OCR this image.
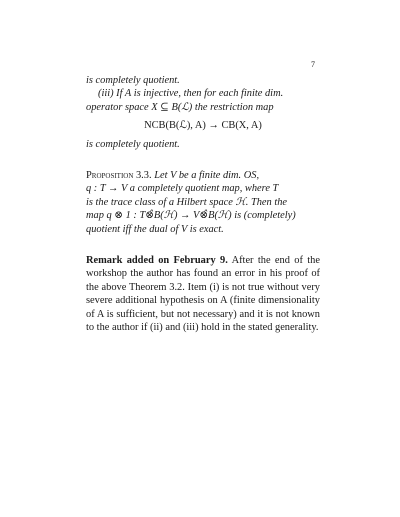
7

is completely quotient.

(iii) If A is injective, then for each finite dim.

operator space X ⊆ B(ℒ) the restriction map

NCB(B(ℒ), A) → CB(X, A)

is completely quotient.

Proposition 3.3. Let V be a finite dim. OS,

q : T → V a completely quotient map, where T

is the trace class of a Hilbert space ℋ. Then the

map q ⊗ 1 : T⊗̂B(ℋ) → V⊗̂B(ℋ) is (completely)

quotient iff the dual of V is exact.

Remark added on February 9. After the end of the workshop the author has found an error in his proof of the above Theorem 3.2. Item (i) is not true without very severe additional hypothesis on A (finite dimensionality of A is sufficient, but not necessary) and it is not known to the author if (ii) and (iii) hold in the stated generality.
